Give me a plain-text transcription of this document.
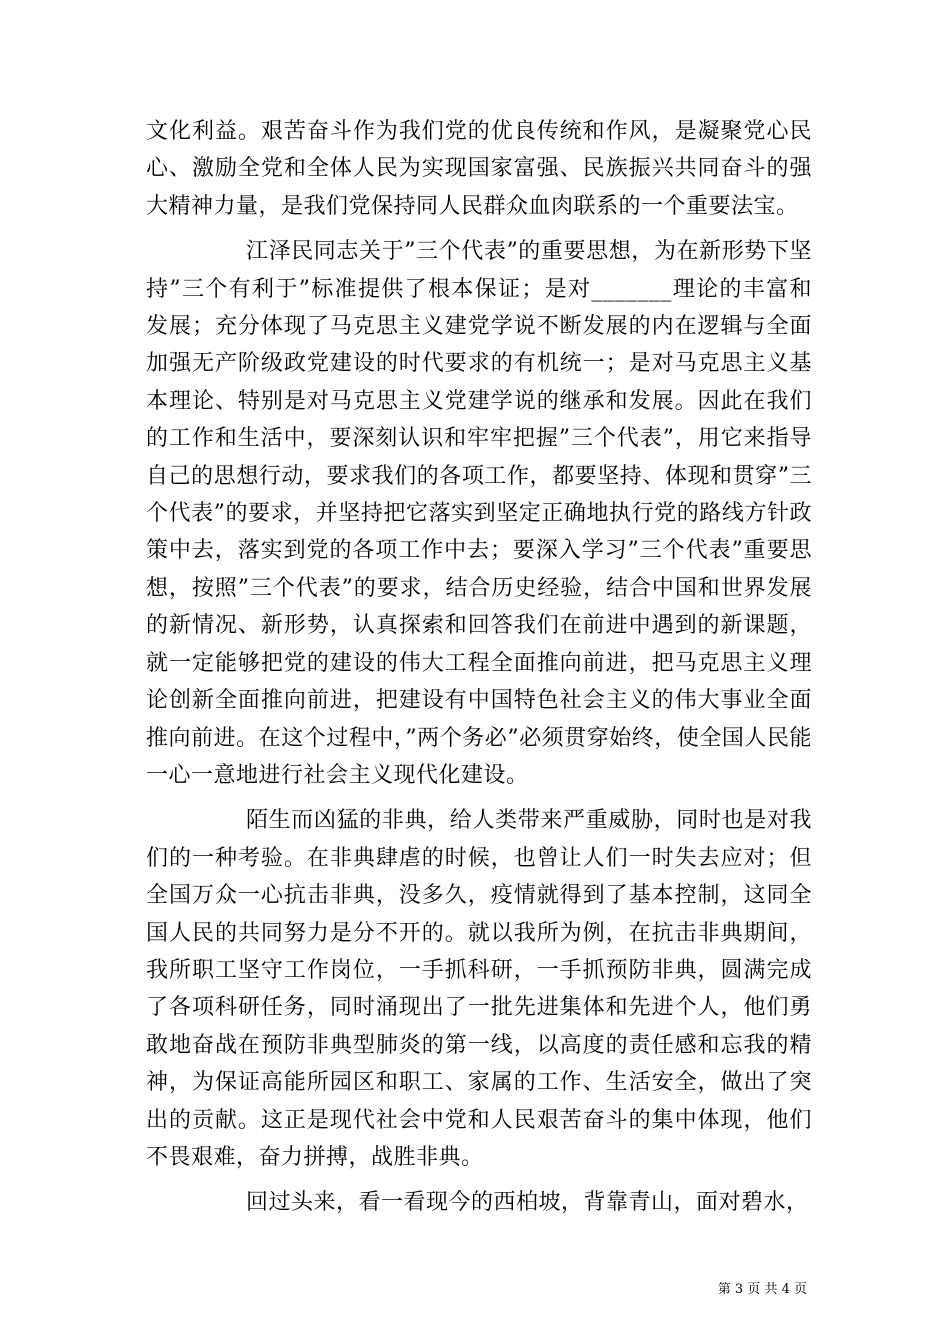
文化利益。艰苦奋斗作为我们党的优良传统和作风，是凝聚党心民心、激励全党和全体人民为实现国家富强、民族振兴共同奋斗的强大精神力量，是我们党保持同人民群众血肉联系的一个重要法宝。

江泽民同志关于”三个代表”的重要思想，为在新形势下坚持”三个有利于”标准提供了根本保证；是对_______理论的丰富和发展；充分体现了马克思主义建党学说不断发展的内在逻辑与全面加强无产阶级政党建设的时代要求的有机统一；是对马克思主义基本理论、特别是对马克思主义党建学说的继承和发展。因此在我们的工作和生活中，要深刻认识和牢牢把握”三个代表”，用它来指导自己的思想行动，要求我们的各项工作，都要坚持、体现和贯穿”三个代表”的要求，并坚持把它落实到坚定正确地执行党的路线方针政策中去，落实到党的各项工作中去；要深入学习”三个代表”重要思想，按照”三个代表”的要求，结合历史经验，结合中国和世界发展的新情况、新形势，认真探索和回答我们在前进中遇到的新课题，就一定能够把党的建设的伟大工程全面推向前进，把马克思主义理论创新全面推向前进，把建设有中国特色社会主义的伟大事业全面推向前进。在这个过程中，”两个务必”必须贯穿始终，使全国人民能一心一意地进行社会主义现代化建设。

陌生而凶猛的非典，给人类带来严重威胁，同时也是对我们的一种考验。在非典肆虐的时候，也曾让人们一时失去应对；但全国万众一心抗击非典，没多久，疫情就得到了基本控制，这同全国人民的共同努力是分不开的。就以我所为例，在抗击非典期间，我所职工坚守工作岗位，一手抓科研，一手抓预防非典，圆满完成了各项科研任务，同时涌现出了一批先进集体和先进个人，他们勇敢地奋战在预防非典型肺炎的第一线，以高度的责任感和忘我的精神，为保证高能所园区和职工、家属的工作、生活安全，做出了突出的贡献。这正是现代社会中党和人民艰苦奋斗的集中体现，他们不畏艰难，奋力拼搏，战胜非典。

回过头来，看一看现今的西柏坡，背靠青山，面对碧水，

第 3 页 共 4 页
